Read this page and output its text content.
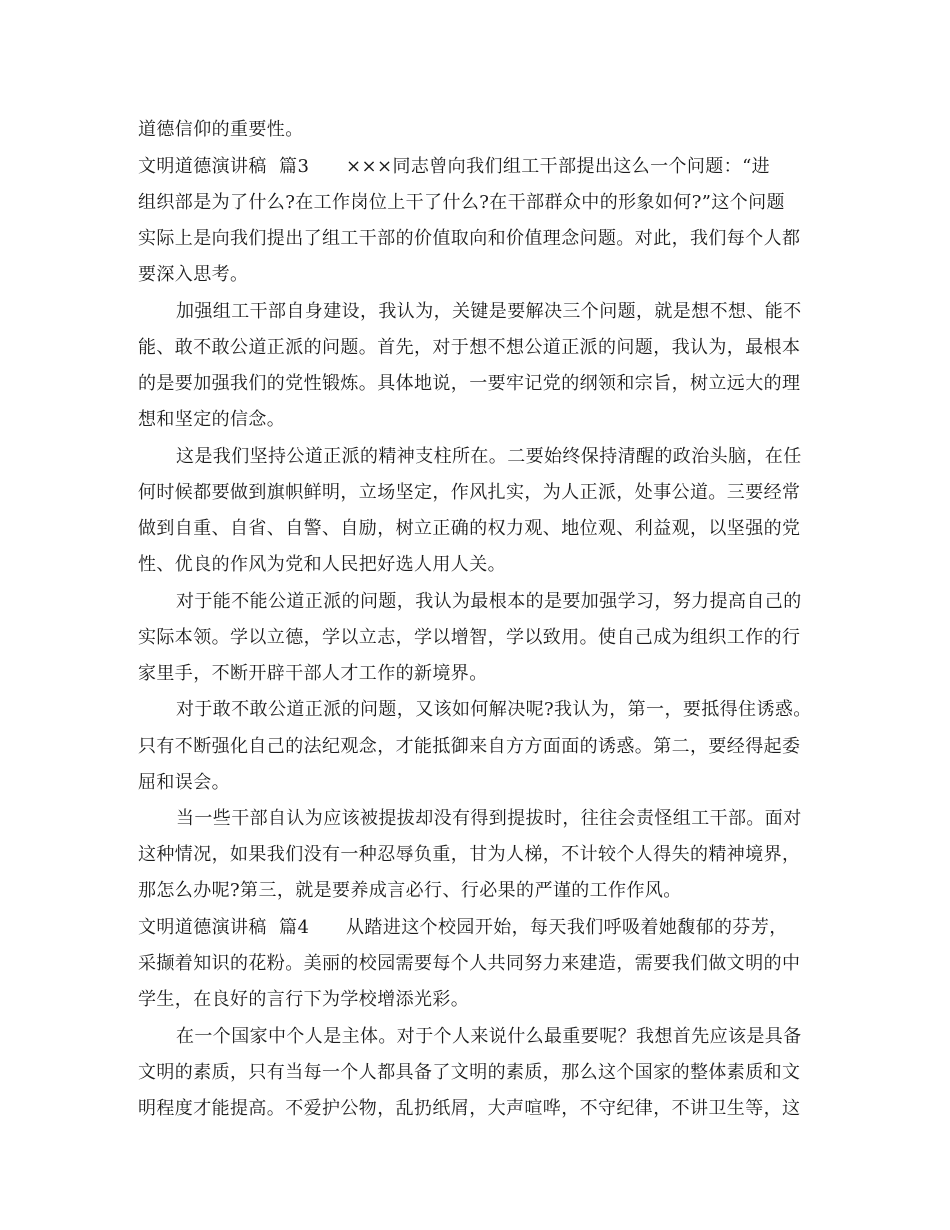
道德信仰的重要性。
文明道德演讲稿  篇3      ×××同志曾向我们组工干部提出这么一个问题：“进
组织部是为了什么?在工作岗位上干了什么?在干部群众中的形象如何?”这个问题
实际上是向我们提出了组工干部的价值取向和价值理念问题。对此，我们每个人都
要深入思考。
加强组工干部自身建设，我认为，关键是要解决三个问题，就是想不想、能不
能、敢不敢公道正派的问题。首先，对于想不想公道正派的问题，我认为，最根本
的是要加强我们的党性锻炼。具体地说，一要牢记党的纲领和宗旨，树立远大的理
想和坚定的信念。
这是我们坚持公道正派的精神支柱所在。二要始终保持清醒的政治头脑，在任
何时候都要做到旗帜鲜明，立场坚定，作风扎实，为人正派，处事公道。三要经常
做到自重、自省、自警、自励，树立正确的权力观、地位观、利益观，以坚强的党
性、优良的作风为党和人民把好选人用人关。
对于能不能公道正派的问题，我认为最根本的是要加强学习，努力提高自己的
实际本领。学以立德，学以立志，学以增智，学以致用。使自己成为组织工作的行
家里手，不断开辟干部人才工作的新境界。
对于敢不敢公道正派的问题，又该如何解决呢?我认为，第一，要抵得住诱惑。
只有不断强化自己的法纪观念，才能抵御来自方方面面的诱惑。第二，要经得起委
屈和误会。
当一些干部自认为应该被提拔却没有得到提拔时，往往会责怪组工干部。面对
这种情况，如果我们没有一种忍辱负重，甘为人梯，不计较个人得失的精神境界，
那怎么办呢?第三，就是要养成言必行、行必果的严谨的工作作风。
文明道德演讲稿  篇4      从踏进这个校园开始，每天我们呼吸着她馥郁的芬芳，
采撷着知识的花粉。美丽的校园需要每个人共同努力来建造，需要我们做文明的中
学生，在良好的言行下为学校增添光彩。
在一个国家中个人是主体。对于个人来说什么最重要呢？我想首先应该是具备
文明的素质，只有当每一个人都具备了文明的素质，那么这个国家的整体素质和文
明程度才能提高。不爱护公物，乱扔纸屑，大声喧哗，不守纪律，不讲卫生等，这
